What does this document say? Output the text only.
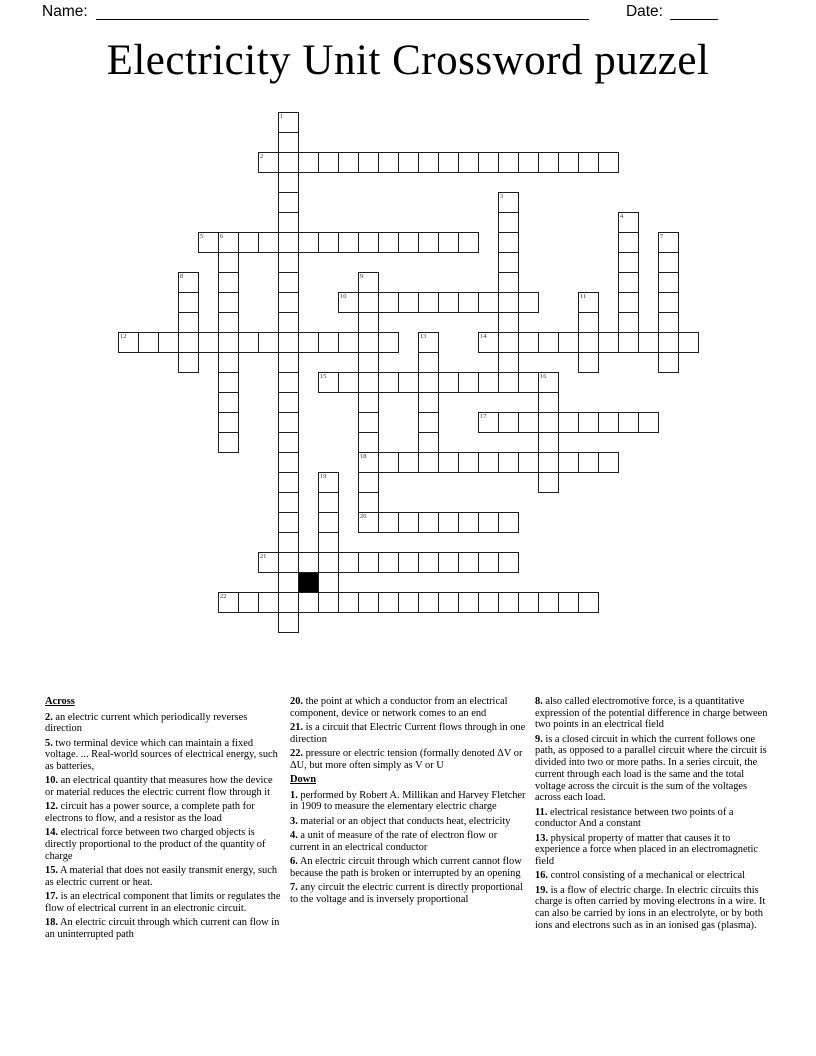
Name:	Date:
Electricity Unit Crossword puzzel
1
2
3
4
5	6	7
8	9
18
20
10	11
12	13	14
15	16
17
19
21
22
Across

2. an electric current which periodically reverses direction

5. two terminal device which can maintain a fixed voltage. ... Real-world sources of electrical energy, such as batteries,

10. an electrical quantity that measures how the device or material reduces the electric current flow through it

12. circuit has a power source, a complete path for electrons to flow, and a resistor as the load

14. electrical force between two charged objects is directly proportional to the product of the quantity of charge

15. A material that does not easily transmit energy, such as electric current or heat.

17. is an electrical component that limits or regulates the flow of electrical current in an electronic circuit.

18. An electric circuit through which current can flow in an uninterrupted path

20. the point at which a conductor from an electrical component, device or network comes to an end

21. is a circuit that Electric Current flows through in one direction

22. pressure or electric tension (formally denoted ΔV or ΔU, but more often simply as V or U

Down

1. performed by Robert A. Millikan and Harvey Fletcher in 1909 to measure the elementary electric charge

3. material or an object that conducts heat, electricity

4. a unit of measure of the rate of electron flow or current in an electrical conductor

6. An electric circuit through which current cannot flow because the path is broken or interrupted by an opening

7. any circuit the electric current is directly proportional to the voltage and is inversely proportional

8. also called electromotive force, is a quantitative expression of the potential difference in charge between two points in an electrical field

9. is a closed circuit in which the current follows one path, as opposed to a parallel circuit where the circuit is divided into two or more paths. In a series circuit, the current through each load is the same and the total voltage across the circuit is the sum of the voltages across each load.

11. electrical resistance between two points of a conductor And a constant

13. physical property of matter that causes it to experience a force when placed in an electromagnetic field

16. control consisting of a mechanical or electrical

19. is a flow of electric charge. In electric circuits this charge is often carried by moving electrons in a wire. It can also be carried by ions in an electrolyte, or by both ions and electrons such as in an ionised gas (plasma).
